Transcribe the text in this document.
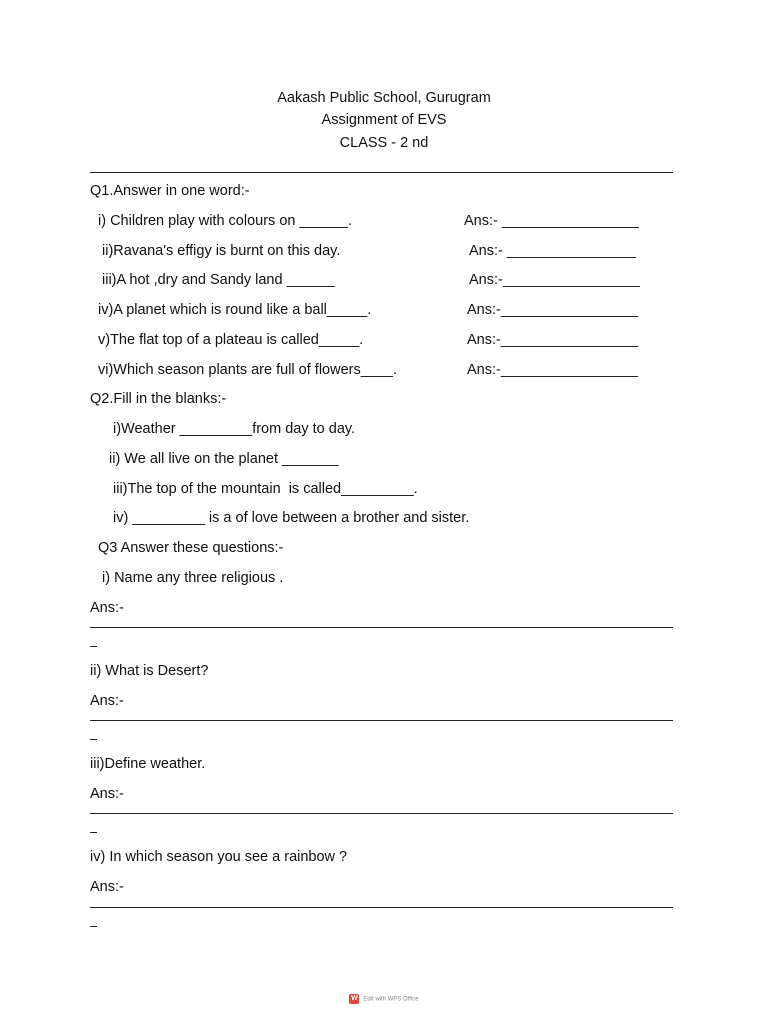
Aakash Public School, Gurugram
Assignment of EVS
CLASS - 2 nd
Q1.Answer in one word:-
i) Children play with colours on ______.	Ans:- _________________
ii)Ravana's effigy is burnt on this day.	Ans:- ________________
iii)A hot ,dry and Sandy land ______	Ans:-_________________
iv)A planet which is round like a ball_____.	Ans:-_________________
v)The flat top of a plateau is called_____.	Ans:-_________________
vi)Which season plants are full of flowers____.	Ans:-_________________
Q2.Fill in the blanks:-
i)Weather _________from day to day.
ii) We all live on the planet _______
iii)The top of the mountain  is called_________.
iv) _________ is a of love between a brother and sister.
Q3 Answer these questions:-
i) Name any three religious .
Ans:-
ii) What is Desert?
Ans:-
iii)Define weather.
Ans:-
iv) In which season you see a rainbow ?
Ans:-
W Edit with WPS Office
